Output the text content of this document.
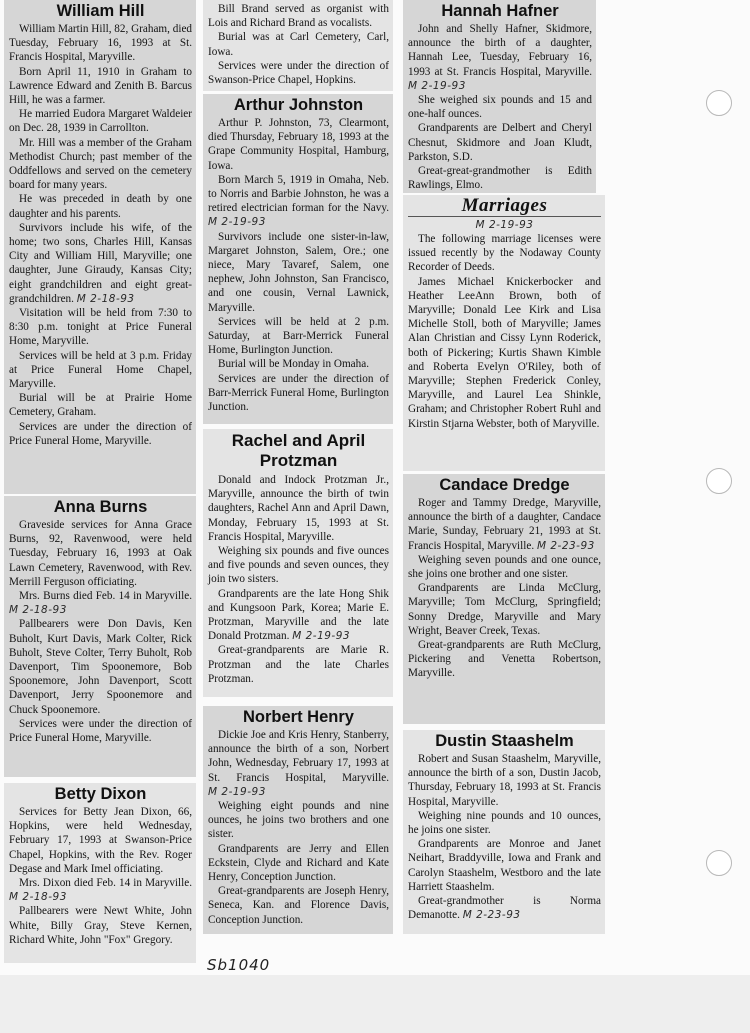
William Hill

William Martin Hill, 82, Graham, died Tuesday, February 16, 1993 at St. Francis Hospital, Maryville.

Born April 11, 1910 in Graham to Lawrence Edward and Zenith B. Barcus Hill, he was a farmer.

He married Eudora Margaret Waldeier on Dec. 28, 1939 in Carrollton.

Mr. Hill was a member of the Graham Methodist Church; past member of the Oddfellows and served on the cemetery board for many years.

He was preceded in death by one daughter and his parents.

Survivors include his wife, of the home; two sons, Charles Hill, Kansas City and William Hill, Maryville; one daughter, June Giraudy, Kansas City; eight grandchildren and eight great-grandchildren. M 2-18-93

Visitation will be held from 7:30 to 8:30 p.m. tonight at Price Funeral Home, Maryville.

Services will be held at 3 p.m. Friday at Price Funeral Home Chapel, Maryville.

Burial will be at Prairie Home Cemetery, Graham.

Services are under the direction of Price Funeral Home, Maryville.

Anna Burns

Graveside services for Anna Grace Burns, 92, Ravenwood, were held Tuesday, February 16, 1993 at Oak Lawn Cemetery, Ravenwood, with Rev. Merrill Ferguson officiating.

Mrs. Burns died Feb. 14 in Maryville. M 2-18-93

Pallbearers were Don Davis, Ken Buholt, Kurt Davis, Mark Colter, Rick Buholt, Steve Colter, Terry Buholt, Rob Davenport, Tim Spoonemore, Bob Spoonemore, John Davenport, Scott Davenport, Jerry Spoonemore and Chuck Spoonemore.

Services were under the direction of Price Funeral Home, Maryville.

Betty Dixon

Services for Betty Jean Dixon, 66, Hopkins, were held Wednesday, February 17, 1993 at Swanson-Price Chapel, Hopkins, with the Rev. Roger Degase and Mark Imel officiating.

Mrs. Dixon died Feb. 14 in Maryville. M 2-18-93

Pallbearers were Newt White, John White, Billy Gray, Steve Kernen, Richard White, John "Fox" Gregory.

Bill Brand served as organist with Lois and Richard Brand as vocalists.

Burial was at Carl Cemetery, Carl, Iowa.

Services were under the direction of Swanson-Price Chapel, Hopkins.

Arthur Johnston

Arthur P. Johnston, 73, Clearmont, died Thursday, February 18, 1993 at the Grape Community Hospital, Hamburg, Iowa.

Born March 5, 1919 in Omaha, Neb. to Norris and Barbie Johnston, he was a retired electrician forman for the Navy. M 2-19-93

Survivors include one sister-in-law, Margaret Johnston, Salem, Ore.; one niece, Mary Tavaref, Salem, one nephew, John Johnston, San Francisco, and one cousin, Vernal Lawnick, Maryville.

Services will be held at 2 p.m. Saturday, at Barr-Merrick Funeral Home, Burlington Junction.

Burial will be Monday in Omaha.

Services are under the direction of Barr-Merrick Funeral Home, Burlington Junction.

Rachel and April Protzman

Donald and Indock Protzman Jr., Maryville, announce the birth of twin daughters, Rachel Ann and April Dawn, Monday, February 15, 1993 at St. Francis Hospital, Maryville.

Weighing six pounds and five ounces and five pounds and seven ounces, they join two sisters.

Grandparents are the late Hong Shik and Kungsoon Park, Korea; Marie E. Protzman, Maryville and the late Donald Protzman. M 2-19-93

Great-grandparents are Marie R. Protzman and the late Charles Protzman.

Norbert Henry

Dickie Joe and Kris Henry, Stanberry, announce the birth of a son, Norbert John, Wednesday, February 17, 1993 at St. Francis Hospital, Maryville. M 2-19-93

Weighing eight pounds and nine ounces, he joins two brothers and one sister.

Grandparents are Jerry and Ellen Eckstein, Clyde and Richard and Kate Henry, Conception Junction.

Great-grandparents are Joseph Henry, Seneca, Kan. and Florence Davis, Conception Junction.

Hannah Hafner

John and Shelly Hafner, Skidmore, announce the birth of a daughter, Hannah Lee, Tuesday, February 16, 1993 at St. Francis Hospital, Maryville. M 2-19-93

She weighed six pounds and 15 and one-half ounces.

Grandparents are Delbert and Cheryl Chesnut, Skidmore and Joan Kludt, Parkston, S.D.

Great-great-grandmother is Edith Rawlings, Elmo.

Marriages
M 2-19-93

The following marriage licenses were issued recently by the Nodaway County Recorder of Deeds.

James Michael Knickerbocker and Heather LeeAnn Brown, both of Maryville; Donald Lee Kirk and Lisa Michelle Stoll, both of Maryville; James Alan Christian and Cissy Lynn Roderick, both of Pickering; Kurtis Shawn Kimble and Roberta Evelyn O'Riley, both of Maryville; Stephen Frederick Conley, Maryville, and Laurel Lea Shinkle, Graham; and Christopher Robert Ruhl and Kirstin Stjarna Webster, both of Maryville.

Candace Dredge

Roger and Tammy Dredge, Maryville, announce the birth of a daughter, Candace Marie, Sunday, February 21, 1993 at St. Francis Hospital, Maryville. M 2-23-93

Weighing seven pounds and one ounce, she joins one brother and one sister.

Grandparents are Linda McClurg, Maryville; Tom McClurg, Springfield; Sonny Dredge, Maryville and Mary Wright, Beaver Creek, Texas.

Great-grandparents are Ruth McClurg, Pickering and Venetta Robertson, Maryville.

Dustin Staashelm

Robert and Susan Staashelm, Maryville, announce the birth of a son, Dustin Jacob, Thursday, February 18, 1993 at St. Francis Hospital, Maryville.

Weighing nine pounds and 10 ounces, he joins one sister.

Grandparents are Monroe and Janet Neihart, Braddyville, Iowa and Frank and Carolyn Staashelm, Westboro and the late Harriett Staashelm.

Great-grandmother is Norma Demanotte. M 2-23-93

Sb1040
